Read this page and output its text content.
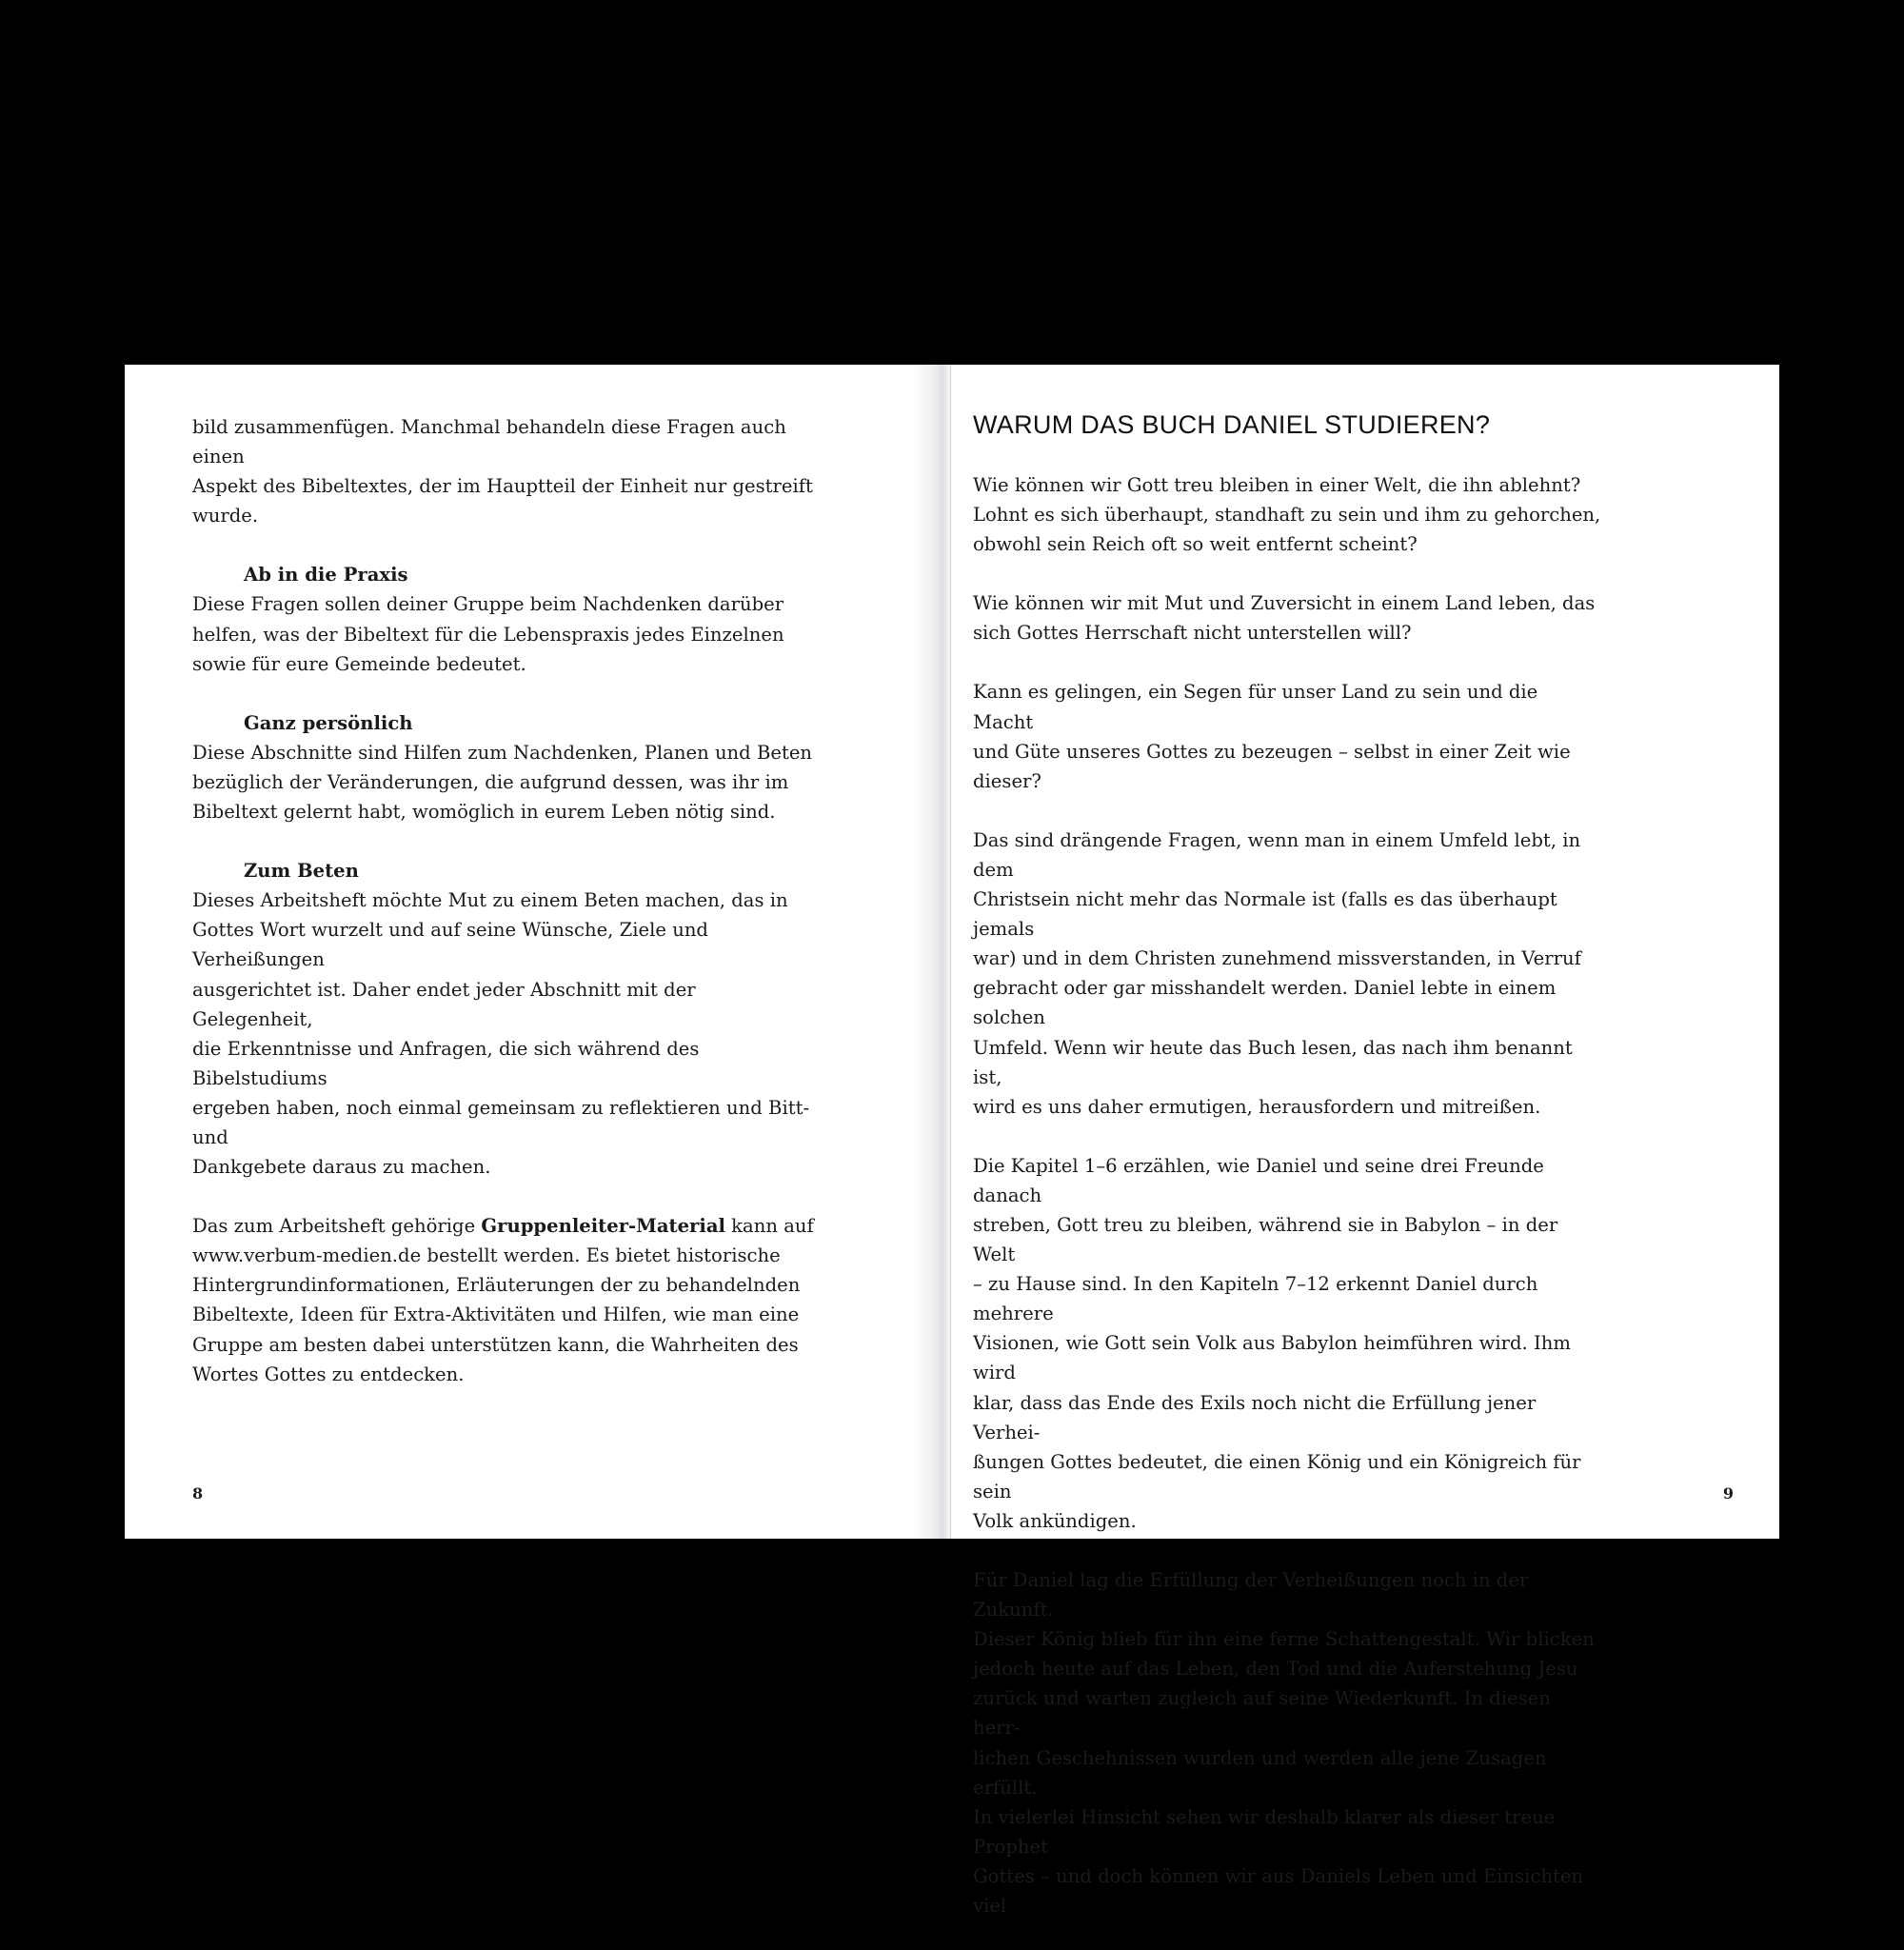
bild zusammenfügen. Manchmal behandeln diese Fragen auch einen
Aspekt des Bibeltextes, der im Hauptteil der Einheit nur gestreift
wurde.

Ab in die Praxis

Diese Fragen sollen deiner Gruppe beim Nachdenken darüber
helfen, was der Bibeltext für die Lebenspraxis jedes Einzelnen
sowie für eure Gemeinde bedeutet.

Ganz persönlich

Diese Abschnitte sind Hilfen zum Nachdenken, Planen und Beten
bezüglich der Veränderungen, die aufgrund dessen, was ihr im
Bibeltext gelernt habt, womöglich in eurem Leben nötig sind.

Zum Beten

Dieses Arbeitsheft möchte Mut zu einem Beten machen, das in
Gottes Wort wurzelt und auf seine Wünsche, Ziele und Verheißungen
ausgerichtet ist. Daher endet jeder Abschnitt mit der Gelegenheit,
die Erkenntnisse und Anfragen, die sich während des Bibelstudiums
ergeben haben, noch einmal gemeinsam zu reflektieren und Bitt- und
Dankgebete daraus zu machen.

Das zum Arbeitsheft gehörige Gruppenleiter-Material kann auf
www.verbum-medien.de bestellt werden. Es bietet historische
Hintergrundinformationen, Erläuterungen der zu behandelnden
Bibeltexte, Ideen für Extra-Aktivitäten und Hilfen, wie man eine
Gruppe am besten dabei unterstützen kann, die Wahrheiten des
Wortes Gottes zu entdecken.

8
WARUM DAS BUCH DANIEL STUDIEREN?

Wie können wir Gott treu bleiben in einer Welt, die ihn ablehnt?
Lohnt es sich überhaupt, standhaft zu sein und ihm zu gehorchen,
obwohl sein Reich oft so weit entfernt scheint?

Wie können wir mit Mut und Zuversicht in einem Land leben, das
sich Gottes Herrschaft nicht unterstellen will?

Kann es gelingen, ein Segen für unser Land zu sein und die Macht
und Güte unseres Gottes zu bezeugen – selbst in einer Zeit wie
dieser?

Das sind drängende Fragen, wenn man in einem Umfeld lebt, in dem
Christsein nicht mehr das Normale ist (falls es das überhaupt jemals
war) und in dem Christen zunehmend missverstanden, in Verruf
gebracht oder gar misshandelt werden. Daniel lebte in einem solchen
Umfeld. Wenn wir heute das Buch lesen, das nach ihm benannt ist,
wird es uns daher ermutigen, herausfordern und mitreißen.

Die Kapitel 1–6 erzählen, wie Daniel und seine drei Freunde danach
streben, Gott treu zu bleiben, während sie in Babylon – in der Welt
– zu Hause sind. In den Kapiteln 7–12 erkennt Daniel durch mehrere
Visionen, wie Gott sein Volk aus Babylon heimführen wird. Ihm wird
klar, dass das Ende des Exils noch nicht die Erfüllung jener Verhei-
ßungen Gottes bedeutet, die einen König und ein Königreich für sein
Volk ankündigen.

Für Daniel lag die Erfüllung der Verheißungen noch in der Zukunft.
Dieser König blieb für ihn eine ferne Schattengestalt. Wir blicken
jedoch heute auf das Leben, den Tod und die Auferstehung Jesu
zurück und warten zugleich auf seine Wiederkunft. In diesen herr-
lichen Geschehnissen wurden und werden alle jene Zusagen erfüllt.
In vielerlei Hinsicht sehen wir deshalb klarer als dieser treue Prophet
Gottes – und doch können wir aus Daniels Leben und Einsichten viel

9
